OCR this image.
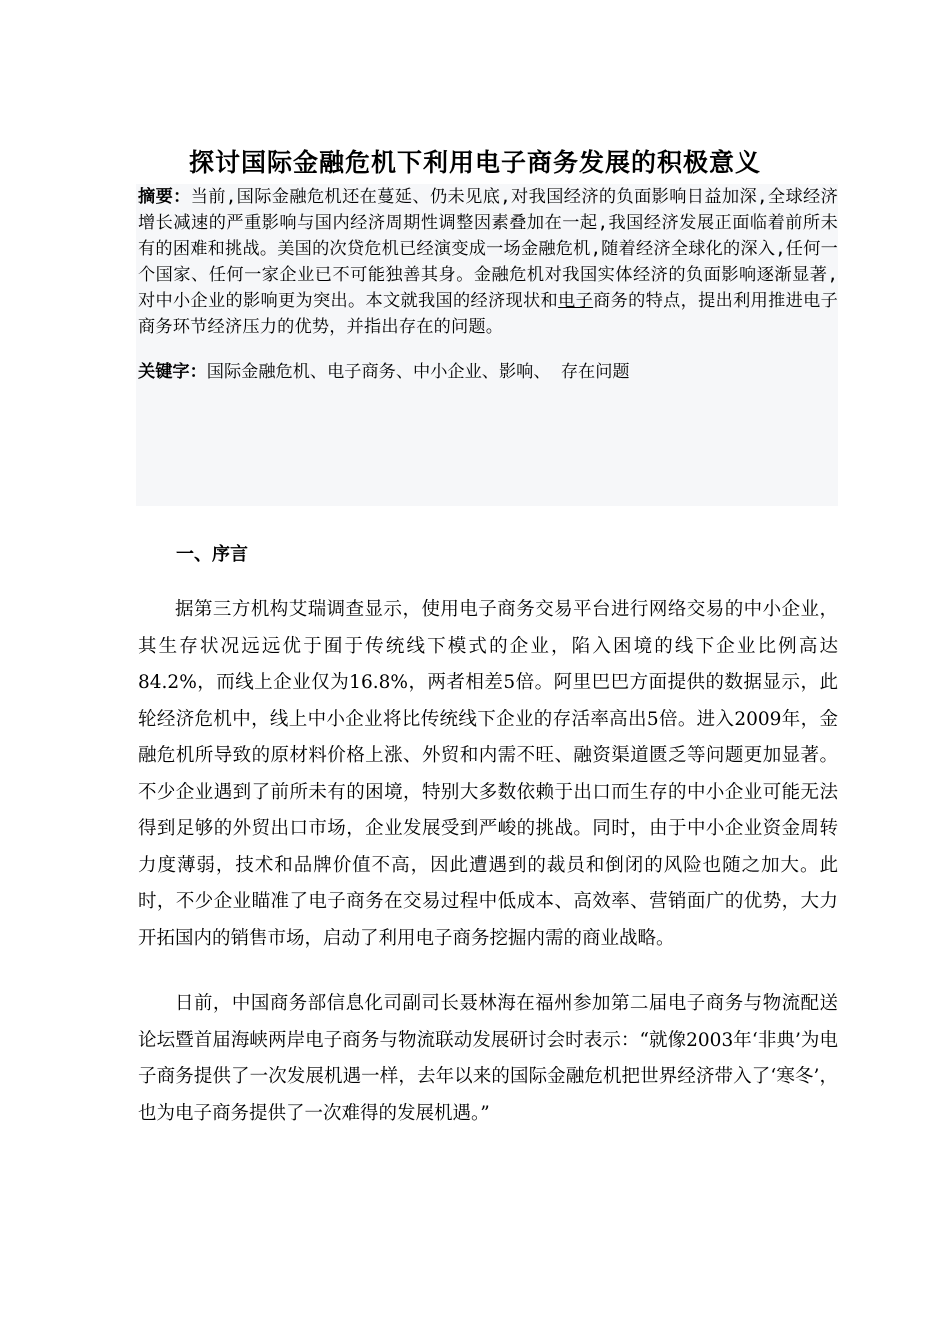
探讨国际金融危机下利用电子商务发展的积极意义
摘要：当前,国际金融危机还在蔓延、仍未见底,对我国经济的负面影响日益加深,全球经济增长减速的严重影响与国内经济周期性调整因素叠加在一起,我国经济发展正面临着前所未有的困难和挑战。美国的次贷危机已经演变成一场金融危机,随着经济全球化的深入,任何一个国家、任何一家企业已不可能独善其身。金融危机对我国实体经济的负面影响逐渐显著,对中小企业的影响更为突出。本文就我国的经济现状和电子商务的特点，提出利用推进电子商务环节经济压力的优势，并指出存在的问题。
关键字：国际金融危机、电子商务、中小企业、影响、 存在问题
一、序言
据第三方机构艾瑞调查显示，使用电子商务交易平台进行网络交易的中小企业，其生存状况远远优于囿于传统线下模式的企业，陷入困境的线下企业比例高达84.2%，而线上企业仅为16.8%，两者相差5倍。阿里巴巴方面提供的数据显示，此轮经济危机中，线上中小企业将比传统线下企业的存活率高出5倍。进入2009年，金融危机所导致的原材料价格上涨、外贸和内需不旺、融资渠道匮乏等问题更加显著。不少企业遇到了前所未有的困境，特别大多数依赖于出口而生存的中小企业可能无法得到足够的外贸出口市场，企业发展受到严峻的挑战。同时，由于中小企业资金周转力度薄弱，技术和品牌价值不高，因此遭遇到的裁员和倒闭的风险也随之加大。此时，不少企业瞄准了电子商务在交易过程中低成本、高效率、营销面广的优势，大力开拓国内的销售市场，启动了利用电子商务挖掘内需的商业战略。
日前，中国商务部信息化司副司长聂林海在福州参加第二届电子商务与物流配送论坛暨首届海峡两岸电子商务与物流联动发展研讨会时表示：“就像2003年‘非典’为电子商务提供了一次发展机遇一样，去年以来的国际金融危机把世界经济带入了‘寒冬’，也为电子商务提供了一次难得的发展机遇。”
